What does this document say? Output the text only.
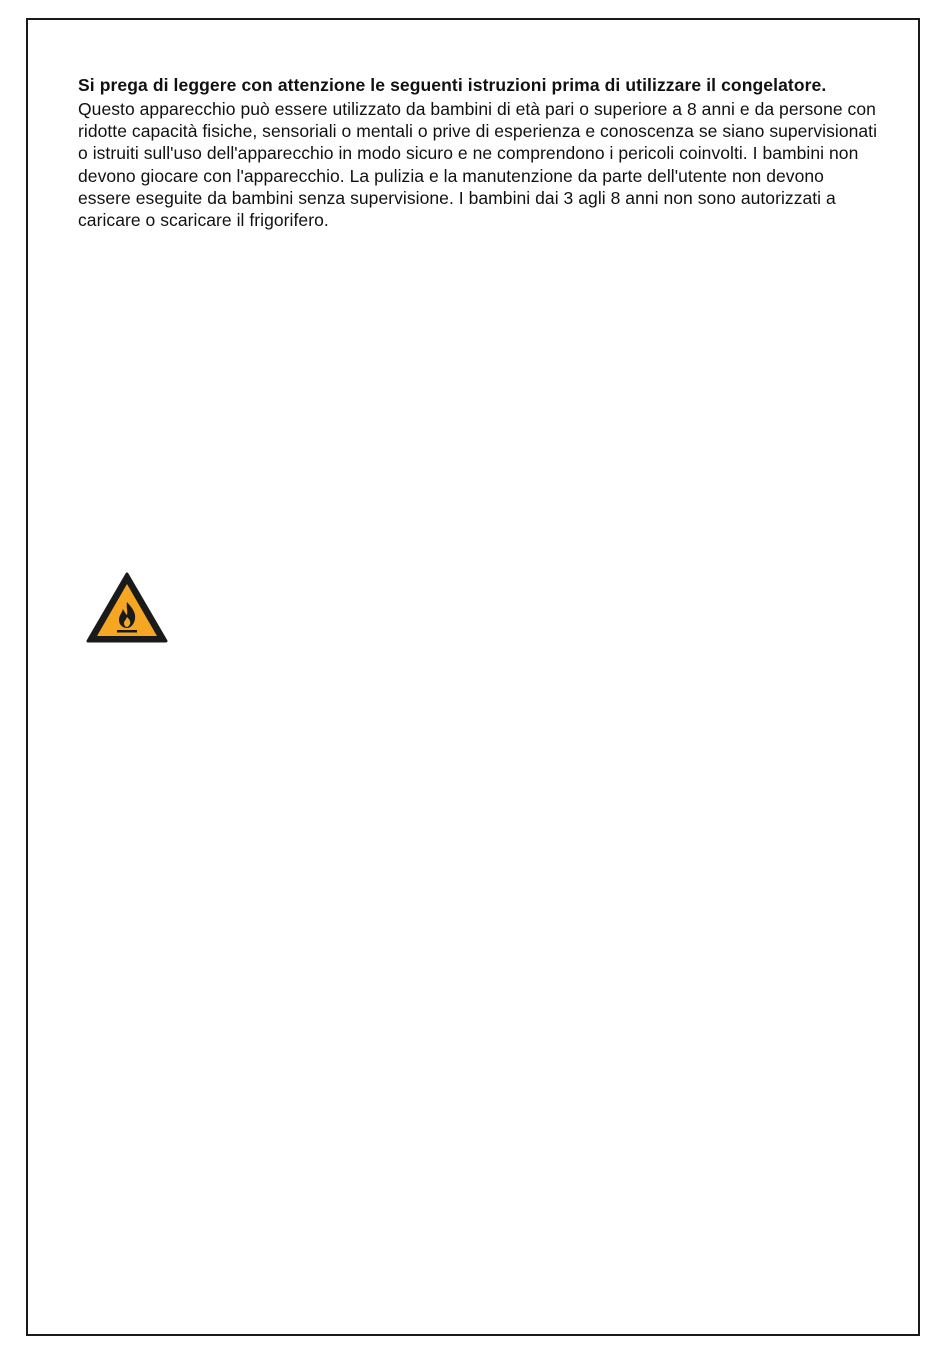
Si prega di leggere con attenzione le seguenti istruzioni prima di utilizzare il congelatore.

Questo apparecchio può essere utilizzato da bambini di età pari o superiore a 8 anni e da persone con ridotte capacità fisiche, sensoriali o mentali o prive di esperienza e conoscenza se siano supervisionati o istruiti sull'uso dell'apparecchio in modo sicuro e ne comprendono i pericoli coinvolti. I bambini non devono giocare con l'apparecchio. La pulizia e la manutenzione da parte dell'utente non devono essere eseguite da bambini senza supervisione. I bambini dai 3 agli 8 anni non sono autorizzati a caricare o scaricare il frigorifero.
